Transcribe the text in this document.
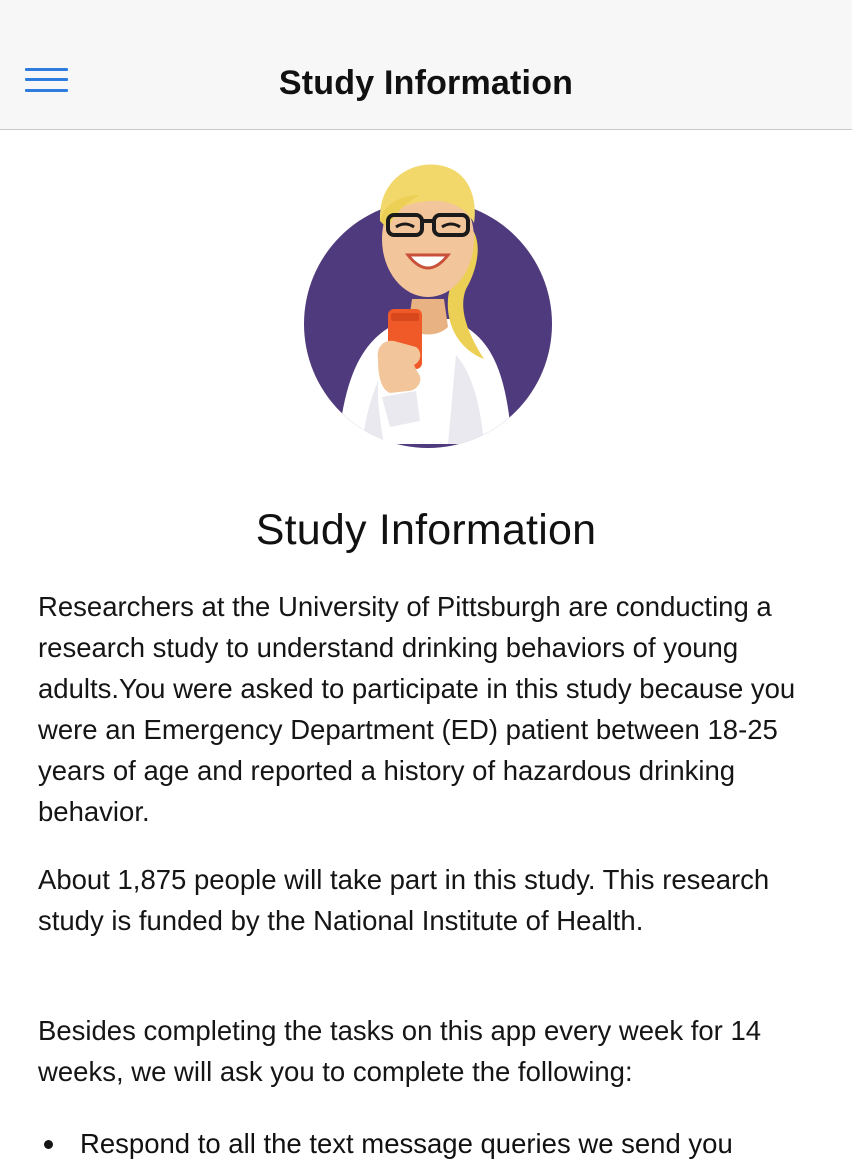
Study Information
Study Information

Researchers at the University of Pittsburgh are conducting a research study to understand drinking behaviors of young adults.You were asked to participate in this study because you were an Emergency Department (ED) patient between 18-25 years of age and reported a history of hazardous drinking behavior.

About 1,875 people will take part in this study. This research study is funded by the National Institute of Health.

Besides completing the tasks on this app every week for 14 weeks, we will ask you to complete the following:

Respond to all the text message queries we send you
